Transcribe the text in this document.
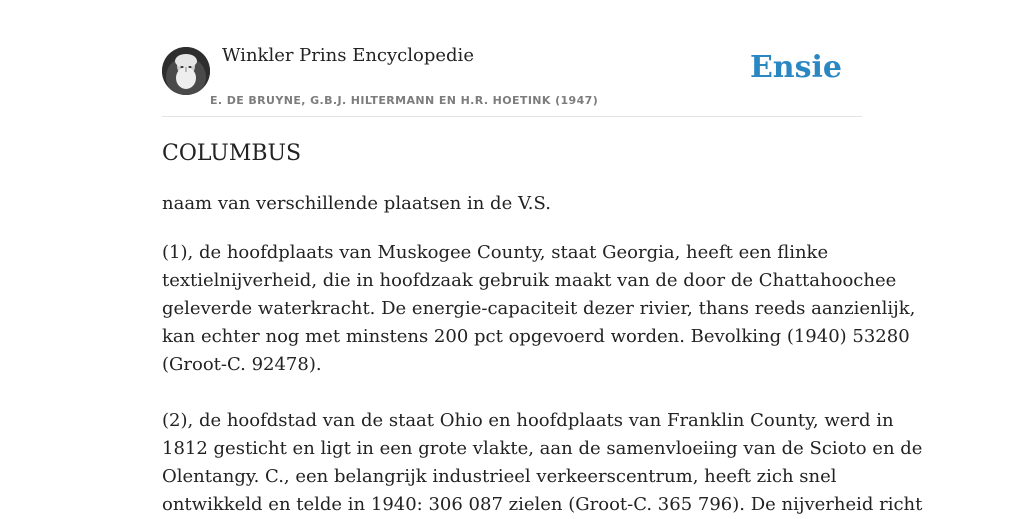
Winkler Prins Encyclopedie
E. DE BRUYNE, G.B.J. HILTERMANN EN H.R. HOETINK (1947)
Ensie
COLUMBUS

naam van verschillende plaatsen in de V.S.

(1), de hoofdplaats van Muskogee County, staat Georgia, heeft een flinke
textielnijverheid, die in hoofdzaak gebruik maakt van de door de Chattahoochee
geleverde waterkracht. De energie-capaciteit dezer rivier, thans reeds aanzienlijk,
kan echter nog met minstens 200 pct opgevoerd worden. Bevolking (1940) 53280
(Groot-C. 92478).
(2), de hoofdstad van de staat Ohio en hoofdplaats van Franklin County, werd in
1812 gesticht en ligt in een grote vlakte, aan de samenvloeiing van de Scioto en de
Olentangy. C., een belangrijk industrieel verkeerscentrum, heeft zich snel
ontwikkeld en telde in 1940: 306 087 zielen (Groot-C. 365 796). De nijverheid richt
